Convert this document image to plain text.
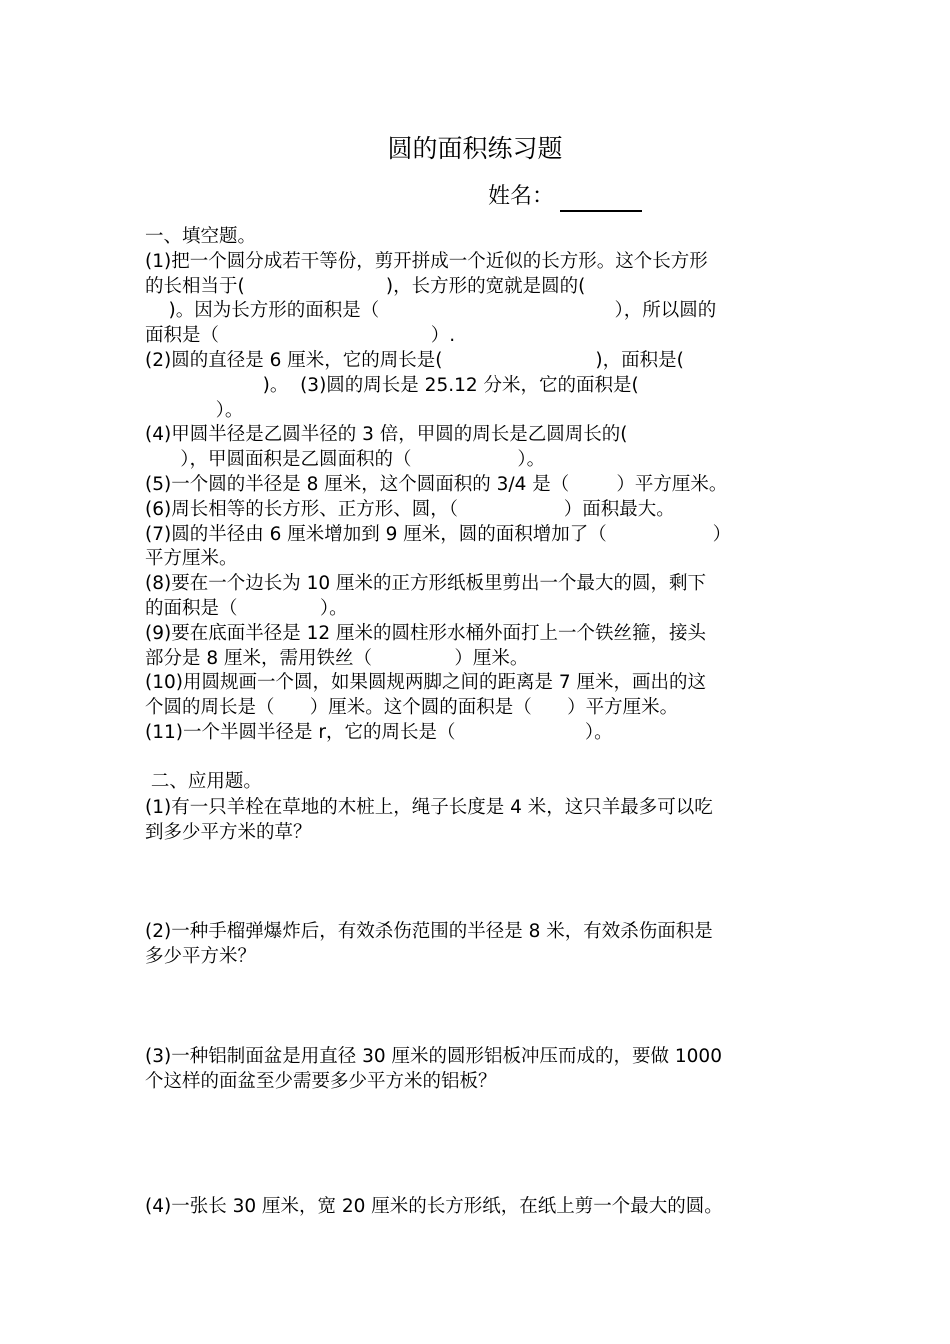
圆的面积练习题
姓名：
一、填空题。
(1)把一个圆分成若干等份，剪开拼成一个近似的长方形。这个长方形
的长相当于(                        )，长方形的宽就是圆的(
)。因为长方形的面积是（                                        ），所以圆的
面积是（                                    ）.
(2)圆的直径是 6 厘米，它的周长是(                          )，面积是(
)。  (3)圆的周长是 25.12 分米，它的面积是(
）。
(4)甲圆半径是乙圆半径的 3 倍，甲圆的周长是乙圆周长的(
），甲圆面积是乙圆面积的（                  ）。
(5)一个圆的半径是 8 厘米，这个圆面积的 3/4 是（        ）平方厘米。
(6)周长相等的长方形、正方形、圆，（                  ）面积最大。
(7)圆的半径由 6 厘米增加到 9 厘米，圆的面积增加了（                  ）
平方厘米。
(8)要在一个边长为 10 厘米的正方形纸板里剪出一个最大的圆，剩下
的面积是（              ）。
(9)要在底面半径是 12 厘米的圆柱形水桶外面打上一个铁丝箍，接头
部分是 8 厘米，需用铁丝（              ）厘米。
(10)用圆规画一个圆，如果圆规两脚之间的距离是 7 厘米，画出的这
个圆的周长是（      ）厘米。这个圆的面积是（      ）平方厘米。
(11)一个半圆半径是 r，它的周长是（                      ）。
二、应用题。
(1)有一只羊栓在草地的木桩上，绳子长度是 4 米，这只羊最多可以吃
到多少平方米的草？
(2)一种手榴弹爆炸后，有效杀伤范围的半径是 8 米，有效杀伤面积是
多少平方米？
(3)一种铝制面盆是用直径 30 厘米的圆形铝板冲压而成的，要做 1000
个这样的面盆至少需要多少平方米的铝板？
(4)一张长 30 厘米，宽 20 厘米的长方形纸，在纸上剪一个最大的圆。
